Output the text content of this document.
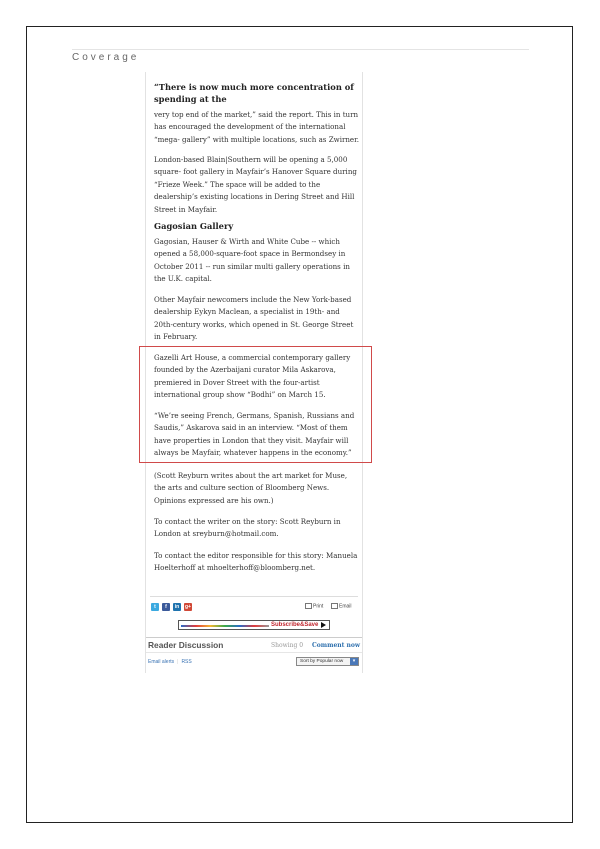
Coverage
“There is now much more concentration of spending at the

very top end of the market,” said the report. This in turn has encouraged the development of the international “mega- gallery” with multiple locations, such as Zwirner.

London-based Blain|Southern will be opening a 5,000 square- foot gallery in Mayfair’s Hanover Square during “Frieze Week.” The space will be added to the dealership’s existing locations in Dering Street and Hill Street in Mayfair.

Gagosian Gallery

Gagosian, Hauser & Wirth and White Cube -- which opened a 58,000-square-foot space in Bermondsey in October 2011 -- run similar multi gallery operations in the U.K. capital.

Other Mayfair newcomers include the New York-based dealership Eykyn Maclean, a specialist in 19th- and 20th-century works, which opened in St. George Street in February.

Gazelli Art House, a commercial contemporary gallery founded by the Azerbaijani curator Mila Askarova, premiered in Dover Street with the four-artist international group show “Bodhi” on March 15.

“We’re seeing French, Germans, Spanish, Russians and Saudis,” Askarova said in an interview. “Most of them have properties in London that they visit. Mayfair will always be Mayfair, whatever happens in the economy.”

(Scott Reyburn writes about the art market for Muse, the arts and culture section of Bloomberg News. Opinions expressed are his own.)

To contact the writer on the story: Scott Reyburn in London at sreyburn@hotmail.com.

To contact the editor responsible for this story: Manuela Hoelterhoff at mhoelterhoff@bloomberg.net.

t	f	in	g+	Print	Email
Subscribe&Save
Reader Discussion	Showing 0 Comment now
Email alerts | RSS	Sort by Popular now	▾
